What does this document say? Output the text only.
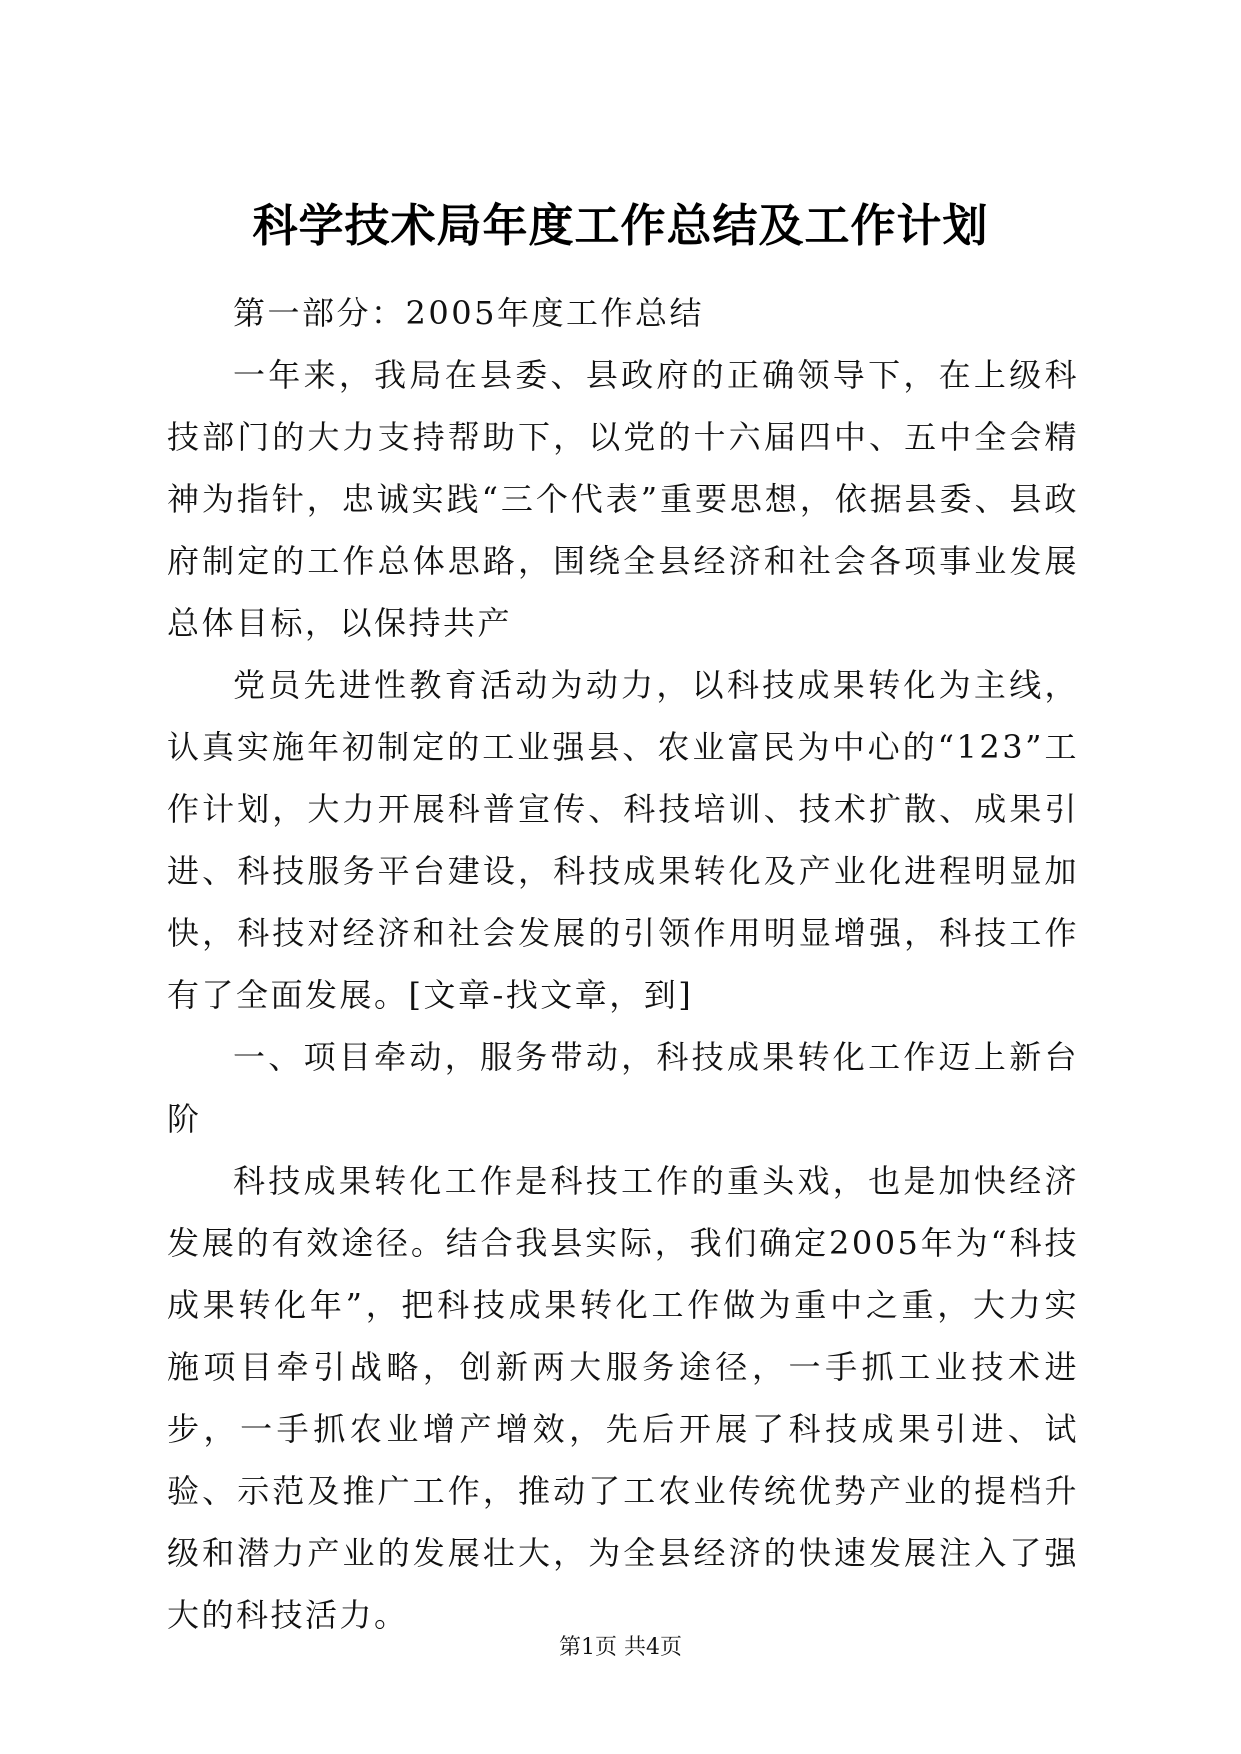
科学技术局年度工作总结及工作计划

第一部分：2005年度工作总结

一年来，我局在县委、县政府的正确领导下，在上级科技部门的大力支持帮助下，以党的十六届四中、五中全会精神为指针，忠诚实践“三个代表”重要思想，依据县委、县政府制定的工作总体思路，围绕全县经济和社会各项事业发展总体目标，以保持共产

党员先进性教育活动为动力，以科技成果转化为主线，认真实施年初制定的工业强县、农业富民为中心的“123”工作计划，大力开展科普宣传、科技培训、技术扩散、成果引进、科技服务平台建设，科技成果转化及产业化进程明显加快，科技对经济和社会发展的引领作用明显增强，科技工作有了全面发展。[文章-找文章，到]

一、项目牵动，服务带动，科技成果转化工作迈上新台阶

科技成果转化工作是科技工作的重头戏，也是加快经济发展的有效途径。结合我县实际，我们确定2005年为“科技成果转化年”，把科技成果转化工作做为重中之重，大力实施项目牵引战略，创新两大服务途径，一手抓工业技术进步，一手抓农业增产增效，先后开展了科技成果引进、试验、示范及推广工作，推动了工农业传统优势产业的提档升级和潜力产业的发展壮大，为全县经济的快速发展注入了强大的科技活力。

第1页 共4页
